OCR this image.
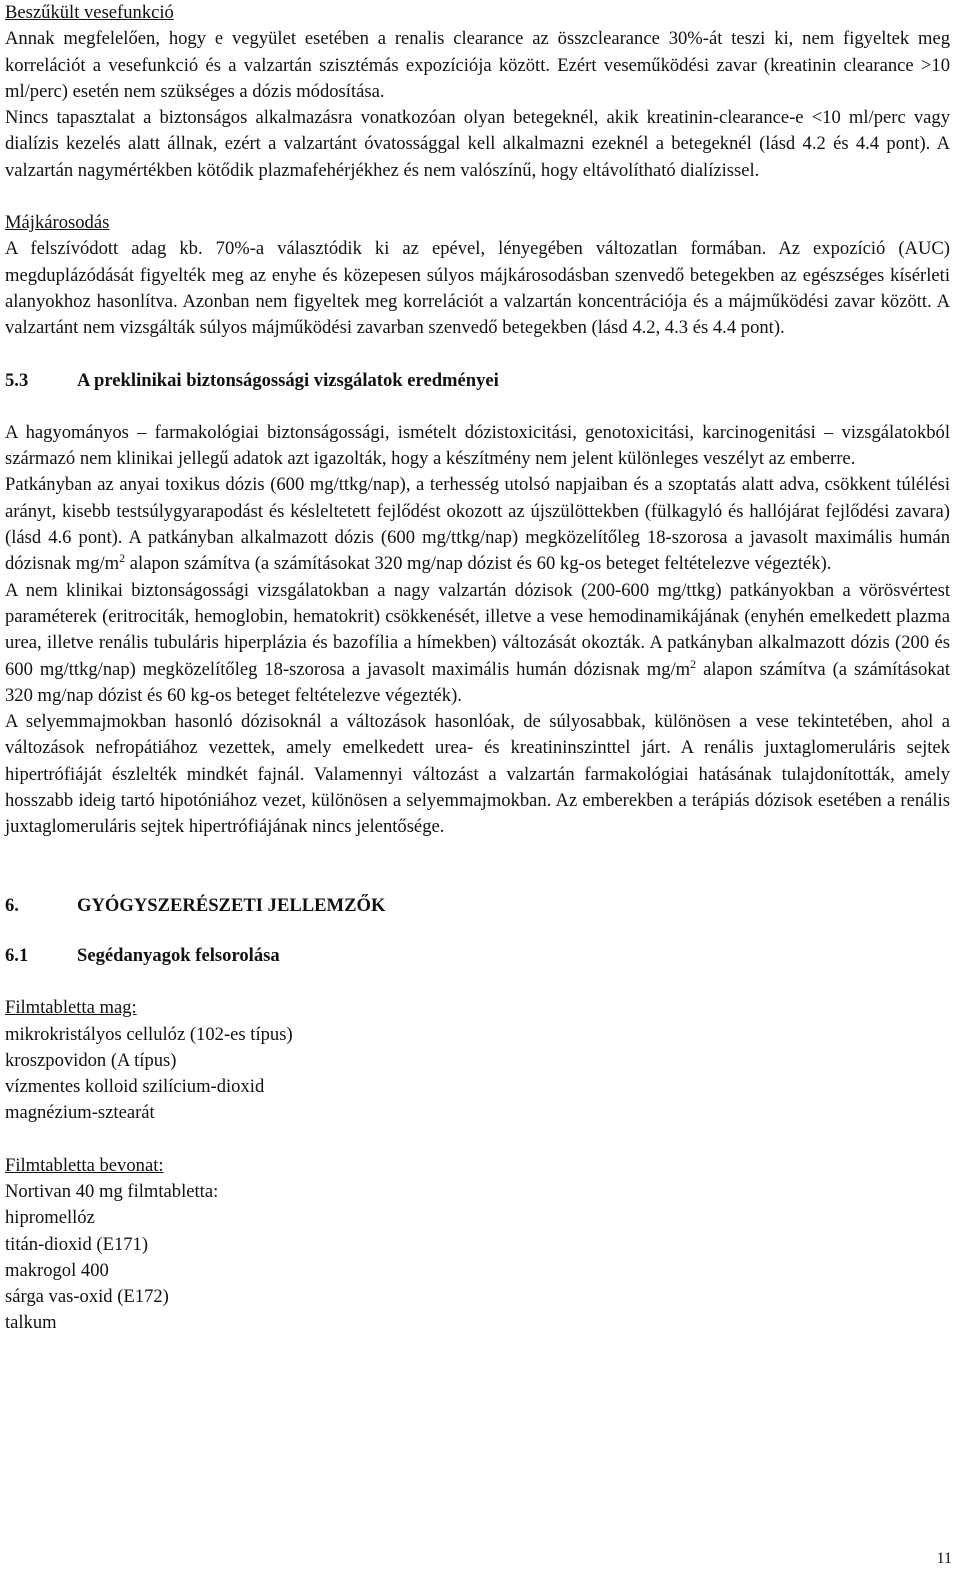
Beszűkült vesefunkció

Annak megfelelően, hogy e vegyület esetében a renalis clearance az összclearance 30%-át teszi ki, nem figyeltek meg korrelációt a vesefunkció és a valzartán szisztémás expozíciója között. Ezért veseműködési zavar (kreatinin clearance >10 ml/perc) esetén nem szükséges a dózis módosítása.

Nincs tapasztalat a biztonságos alkalmazásra vonatkozóan olyan betegeknél, akik kreatinin-clearance-e <10 ml/perc vagy dialízis kezelés alatt állnak, ezért a valzartánt óvatossággal kell alkalmazni ezeknél a betegeknél (lásd 4.2 és 4.4 pont). A valzartán nagymértékben kötődik plazmafehérjékhez és nem valószínű, hogy eltávolítható dialízissel.

Májkárosodás

A felszívódott adag kb. 70%-a választódik ki az epével, lényegében változatlan formában. Az expozíció (AUC) megduplázódását figyelték meg az enyhe és közepesen súlyos májkárosodásban szenvedő betegekben az egészséges kísérleti alanyokhoz hasonlítva. Azonban nem figyeltek meg korrelációt a valzartán koncentrációja és a májműködési zavar között. A valzartánt nem vizsgálták súlyos májműködési zavarban szenvedő betegekben (lásd 4.2, 4.3 és 4.4 pont).

5.3	A preklinikai biztonságossági vizsgálatok eredményei

A hagyományos – farmakológiai biztonságossági, ismételt dózistoxicitási, genotoxicitási, karcinogenitási – vizsgálatokból származó nem klinikai jellegű adatok azt igazolták, hogy a készítmény nem jelent különleges veszélyt az emberre.

Patkányban az anyai toxikus dózis (600 mg/ttkg/nap), a terhesség utolsó napjaiban és a szoptatás alatt adva, csökkent túlélési arányt, kisebb testsúlygyarapodást és késleltetett fejlődést okozott az újszülöttekben (fülkagyló és hallójárat fejlődési zavara) (lásd 4.6 pont). A patkányban alkalmazott dózis (600 mg/ttkg/nap) megközelítőleg 18-szorosa a javasolt maximális humán dózisnak $mg/m^2$ alapon számítva (a számításokat 320 mg/nap dózist és 60 kg-os beteget feltételezve végezték).

A nem klinikai biztonságossági vizsgálatokban a nagy valzartán dózisok (200-600 mg/ttkg) patkányokban a vörösvértest paraméterek (eritrociták, hemoglobin, hematokrit) csökkenését, illetve a vese hemodinamikájának (enyhén emelkedett plazma urea, illetve renális tubuláris hiperplázia és bazofília a hímekben) változását okozták. A patkányban alkalmazott dózis (200 és 600 mg/ttkg/nap) megközelítőleg 18-szorosa a javasolt maximális humán dózisnak $mg/m^2$ alapon számítva (a számításokat 320 mg/nap dózist és 60 kg-os beteget feltételezve végezték).

A selyemmajmokban hasonló dózisoknál a változások hasonlóak, de súlyosabbak, különösen a vese tekintetében, ahol a változások nefropátiához vezettek, amely emelkedett urea- és kreatininszinttel járt. A renális juxtaglomeruláris sejtek hipertrófiáját észlelték mindkét fajnál. Valamennyi változást a valzartán farmakológiai hatásának tulajdonították, amely hosszabb ideig tartó hipotóniához vezet, különösen a selyemmajmokban. Az emberekben a terápiás dózisok esetében a renális juxtaglomeruláris sejtek hipertrófiájának nincs jelentősége.

6.	GYÓGYSZERÉSZETI JELLEMZŐK

6.1	Segédanyagok felsorolása

Filmtabletta mag:

mikrokristályos cellulóz (102-es típus)

kroszpovidon (A típus)

vízmentes kolloid szilícium-dioxid

magnézium-sztearát

Filmtabletta bevonat:

Nortivan 40 mg filmtabletta:

hipromellóz

titán-dioxid (E171)

makrogol 400

sárga vas-oxid (E172)

talkum

11
